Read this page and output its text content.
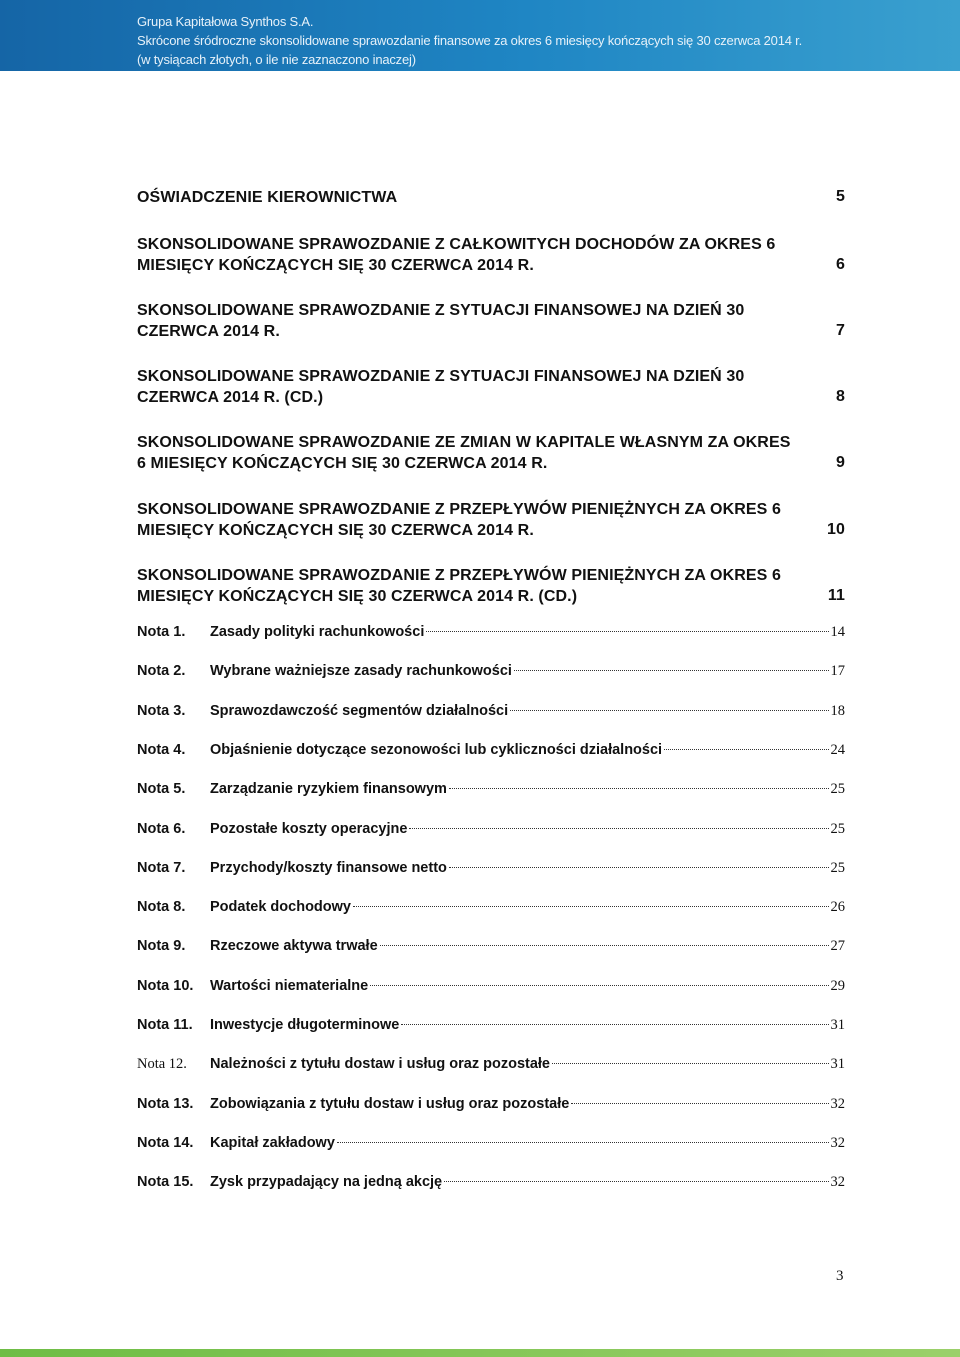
Grupa Kapitałowa Synthos S.A.
Skrócone śródroczne skonsolidowane sprawozdanie finansowe za okres 6 miesięcy kończących się 30 czerwca 2014 r.
(w tysiącach złotych, o ile nie zaznaczono inaczej)
OŚWIADCZENIE KIEROWNICTWA	5
SKONSOLIDOWANE SPRAWOZDANIE Z CAŁKOWITYCH DOCHODÓW ZA OKRES 6 MIESIĘCY KOŃCZĄCYCH SIĘ 30 CZERWCA 2014 R.	6
SKONSOLIDOWANE SPRAWOZDANIE Z SYTUACJI FINANSOWEJ NA DZIEŃ 30 CZERWCA 2014 R.	7
SKONSOLIDOWANE SPRAWOZDANIE Z SYTUACJI FINANSOWEJ NA DZIEŃ 30 CZERWCA 2014 R. (CD.)	8
SKONSOLIDOWANE SPRAWOZDANIE ZE ZMIAN W KAPITALE WŁASNYM ZA OKRES 6 MIESIĘCY KOŃCZĄCYCH SIĘ 30 CZERWCA 2014 R.	9
SKONSOLIDOWANE SPRAWOZDANIE Z PRZEPŁYWÓW PIENIĘŻNYCH ZA OKRES 6 MIESIĘCY KOŃCZĄCYCH SIĘ 30 CZERWCA 2014 R.	10
SKONSOLIDOWANE SPRAWOZDANIE Z PRZEPŁYWÓW PIENIĘŻNYCH ZA OKRES 6 MIESIĘCY KOŃCZĄCYCH SIĘ 30 CZERWCA 2014 R. (CD.)	11
Nota 1. Zasady polityki rachunkowości	14
Nota 2. Wybrane ważniejsze zasady rachunkowości	17
Nota 3. Sprawozdawczość segmentów działalności	18
Nota 4. Objaśnienie dotyczące sezonowości lub cykliczności działalności	24
Nota 5. Zarządzanie ryzykiem finansowym	25
Nota 6. Pozostałe koszty operacyjne	25
Nota 7. Przychody/koszty finansowe netto	25
Nota 8. Podatek dochodowy	26
Nota 9. Rzeczowe aktywa trwałe	27
Nota 10. Wartości niematerialne	29
Nota 11. Inwestycje długoterminowe	31
Nota 12. Należności z tytułu dostaw i usług oraz pozostałe	31
Nota 13. Zobowiązania z tytułu dostaw i usług oraz pozostałe	32
Nota 14. Kapitał zakładowy	32
Nota 15. Zysk przypadający na jedną akcję	32
3
